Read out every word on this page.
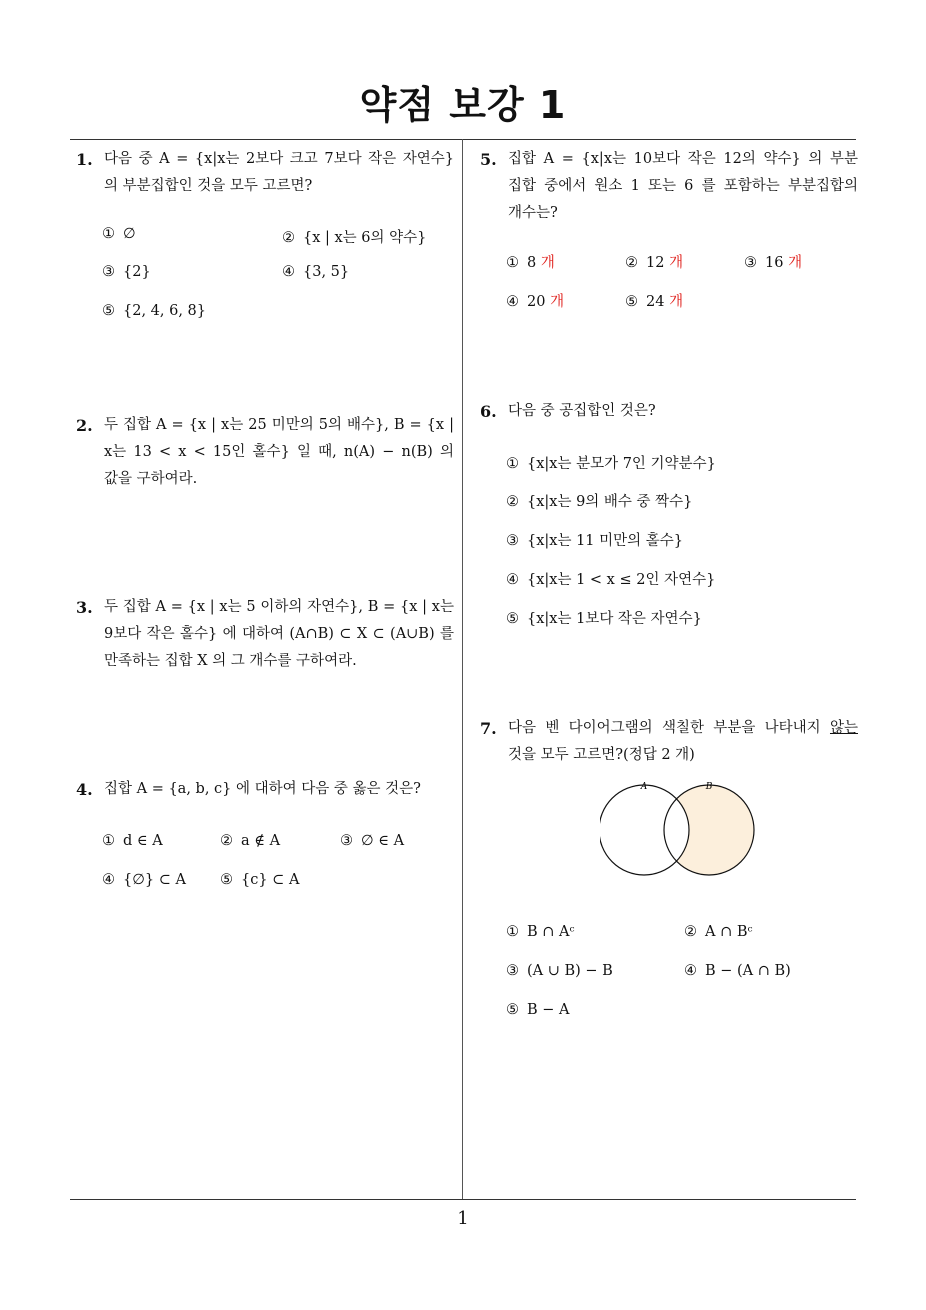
약점 보강 1
1
1. 다음 중 A = {x|x는 2보다 크고 7보다 작은 자연수} 의 부분집합인 것을 모두 고르면?
① ∅	② {x | x는 6의 약수}
③ {2}	④ {3, 5}
⑤ {2, 4, 6, 8}
2. 두 집합 A = {x | x는 25 미만의 5의 배수}, B = {x | x는 13 < x < 15인 홀수} 일 때, n(A) − n(B) 의 값을 구하여라.
3. 두 집합 A = {x | x는 5 이하의 자연수}, B = {x | x는 9보다 작은 홀수} 에 대하여 (A∩B) ⊂ X ⊂ (A∪B) 를 만족하는 집합 X 의 그 개수를 구하여라.
4. 집합 A = {a, b, c} 에 대하여 다음 중 옳은 것은?
① d ∈ A	② a ∉ A	③ ∅ ∈ A
④ {∅} ⊂ A ⑤ {c} ⊂ A
5. 집합 A = {x|x는 10보다 작은 12의 약수} 의 부분 집합 중에서 원소 1 또는 6 를 포함하는 부분집합의 개수는?
① 8 개	② 12 개	③ 16 개
④ 20 개	⑤ 24 개
6. 다음 중 공집합인 것은?
① {x|x는 분모가 7인 기약분수}
② {x|x는 9의 배수 중 짝수}
③ {x|x는 11 미만의 홀수}
④ {x|x는 1 < x ≤ 2인 자연수}
⑤ {x|x는 1보다 작은 자연수}
7. 다음 벤 다이어그램의 색칠한 부분을 나타내지 않는 것을 모두 고르면?(정답 2 개)
A	B
① B ∩ Aᶜ	② A ∩ Bᶜ
③ (A ∪ B) − B	④ B − (A ∩ B)
⑤ B − A
